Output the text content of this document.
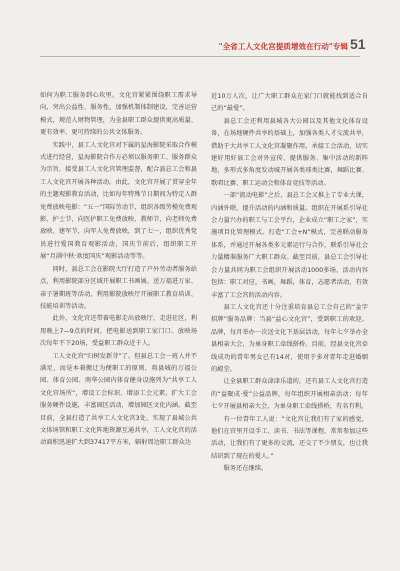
"全省工人文化宫提质增效在行动"专辑 51

如何为职工服务到心坎里。文化宫紧紧围绕职工需求导向，突出公益性、服务性，加强机制体制建设，完善运营模式，规范人财物管理，为全县职工群众提供更高质量、更有效率、更可持续的公共文体服务。

实践中，县工人文化宫对下属的星海影院采取合作模式进行经营，星海影院合作方必须以服务职工、服务群众为宗旨，接受县工人文化宫管理监督，配合县总工会和县工人文化宫开展各种活动。由此，文化宫开展了贯穿全年的主题观影教育活动，比如每年特殊节日期间为特定人群免费放映电影：“五一”国际劳动节，组织各级劳模免费观影，护士节，向医护职工免费放映、教师节，向老师免费放映、建军节，向军人免费放映，到了七一，组织优秀党员进行爱国教育观影活动，国庆节前后，组织职工开展“月满中秋·欢度国庆”观影活动等等。

同时，县总工会在影院大厅打造了户外劳动者服务站点，利用影院部分区域开展职工书画展、送万福进万家、亲子暑期班等活动，利用影院放映厅开展职工教育培训、技能培训等活动。

此外，文化宫还带着电影走出放映厅，走进社区，利用晚上7—9点的时间，把电影送到职工家门口。放映场次每年不下20场，受益职工群众近千人。

工人文化宫“归树发新芽”了。但县总工会一班人并不满足，而是本着搬迁为便职工的原则，将县城的万福公园、体育公园、南华公园内体育健身设施列为“共享工人文化宫场所”，增设工会标识、增添工会元素，扩大工会服务硬件设施，丰富园区活动，增加园区文化内涵。截至目前，全县打造了共享工人文化宫3处，实现了县城公共文体场馆和职工文化阵地资源互通共享，工人文化宫的活动面积迅速扩大到37417平方米，辐射周边职工群众达

近10万人次，让广大职工群众在家门口就能找到适合自己的“最爱”。

县总工会还利用县城各大公园以及其他文化体育设备，在场地硬件共享的基础上，加强各类人才交流共享，借助于大共享工人文化宫凝聚作用，承接工会活动，切实建好用好县工会对外宣传、提供服务、集中活动的新阵地，多形式多角度发动城开展各类球类比赛，舞蹈比赛、歌唱比赛、职工运动会和体育竞技等活动。

一部“流动电影”之后，县总工会又推上了专业大课，内涵外联，提升活动的内涵和质量。组织在开展系引导社会力量兴办的职工与工会平台，企业成立“职工之家”，实施项目化管理模式。打造“工会+N”模式，完善联动服务体系，并通过开展各类多元素运行与合作，联系引导社会力量精准服务广大职工群众。截至目前，县总工会引导社会力量共同为职工会组织开展活动1000多场，活动内容包括：职工对应，书画，舞蹈，体育，志愿者活动，有效丰富了工会宫的活动内容。

县工人文化宫还十分注重培育县总工会自己的“金字招牌”服务品牌：当县“益心文化宫”，受到职工的欢迎。品牌，每月举办一次送文化下基层活动，每年七夕举办全县相亲大会，为单身职工牵线搭桥。目前，经县文化宫牵线成功的青年男女已有14对，使用于多对青年走进婚姻的殿堂。

让全县职工群众津津乐道的，还有县工人文化宫打造的“益聚成·爱”公益品牌，每年组织开展相亲活动；每年七夕开展县相亲大会，为单身职工牵线搭桥，有名有利。

有一位青年工人说：“文化宫让我们有了家的感觉，他们在宫里开设手工、读书、书法等课程，常常参加这些活动，让我们有了更多的交流，还交了不少朋友，也让我结识到了现在的爱人。”

服务还在继续。
